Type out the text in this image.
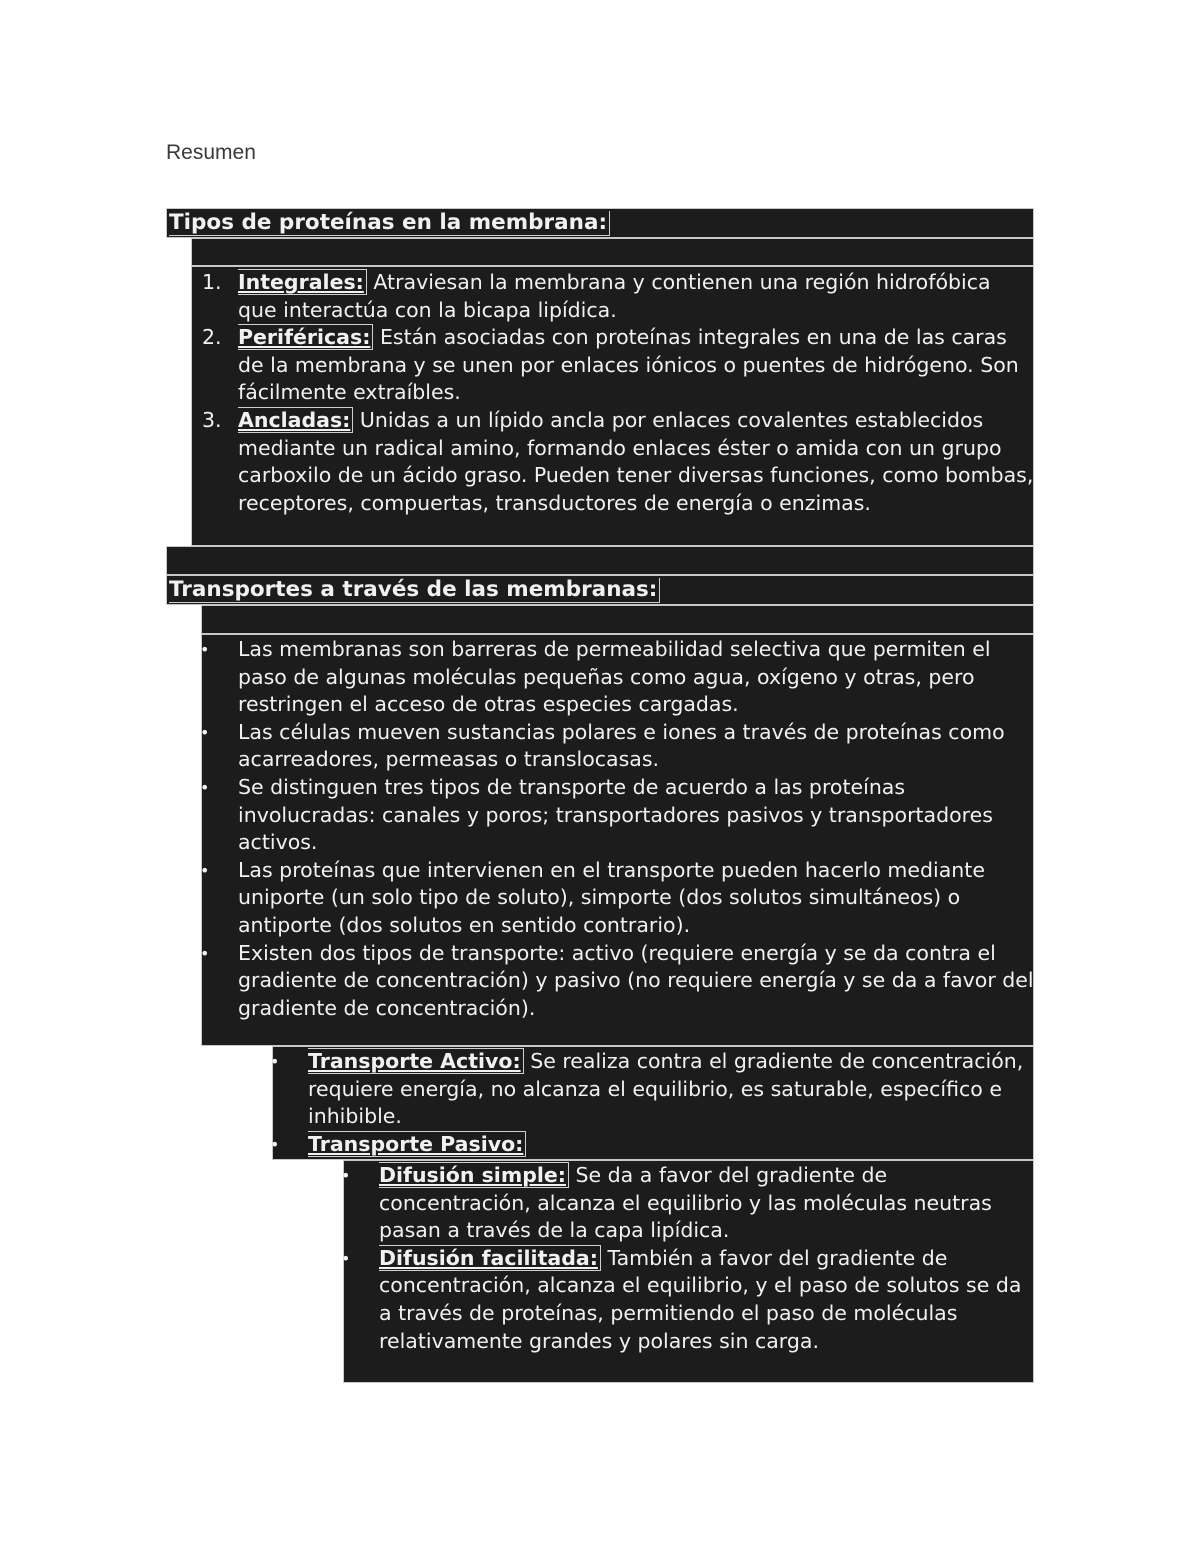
Resumen
Tipos de proteínas en la membrana:
1. Integrales: Atraviesan la membrana y contienen una región hidrofóbica que interactúa con la bicapa lipídica.
2. Periféricas: Están asociadas con proteínas integrales en una de las caras de la membrana y se unen por enlaces iónicos o puentes de hidrógeno. Son fácilmente extraíbles.
3. Ancladas: Unidas a un lípido ancla por enlaces covalentes establecidos mediante un radical amino, formando enlaces éster o amida con un grupo carboxilo de un ácido graso. Pueden tener diversas funciones, como bombas, receptores, compuertas, transductores de energía o enzimas.
Transportes a través de las membranas:
• Las membranas son barreras de permeabilidad selectiva que permiten el paso de algunas moléculas pequeñas como agua, oxígeno y otras, pero restringen el acceso de otras especies cargadas.
• Las células mueven sustancias polares e iones a través de proteínas como acarreadores, permeasas o translocasas.
• Se distinguen tres tipos de transporte de acuerdo a las proteínas involucradas: canales y poros; transportadores pasivos y transportadores activos.
• Las proteínas que intervienen en el transporte pueden hacerlo mediante uniporte (un solo tipo de soluto), simporte (dos solutos simultáneos) o antiporte (dos solutos en sentido contrario).
• Existen dos tipos de transporte: activo (requiere energía y se da contra el gradiente de concentración) y pasivo (no requiere energía y se da a favor del gradiente de concentración).
• Transporte Activo: Se realiza contra el gradiente de concentración, requiere energía, no alcanza el equilibrio, es saturable, específico e inhibible.
• Transporte Pasivo:
• Difusión simple: Se da a favor del gradiente de concentración, alcanza el equilibrio y las moléculas neutras pasan a través de la capa lipídica.
• Difusión facilitada: También a favor del gradiente de concentración, alcanza el equilibrio, y el paso de solutos se da a través de proteínas, permitiendo el paso de moléculas relativamente grandes y polares sin carga.
